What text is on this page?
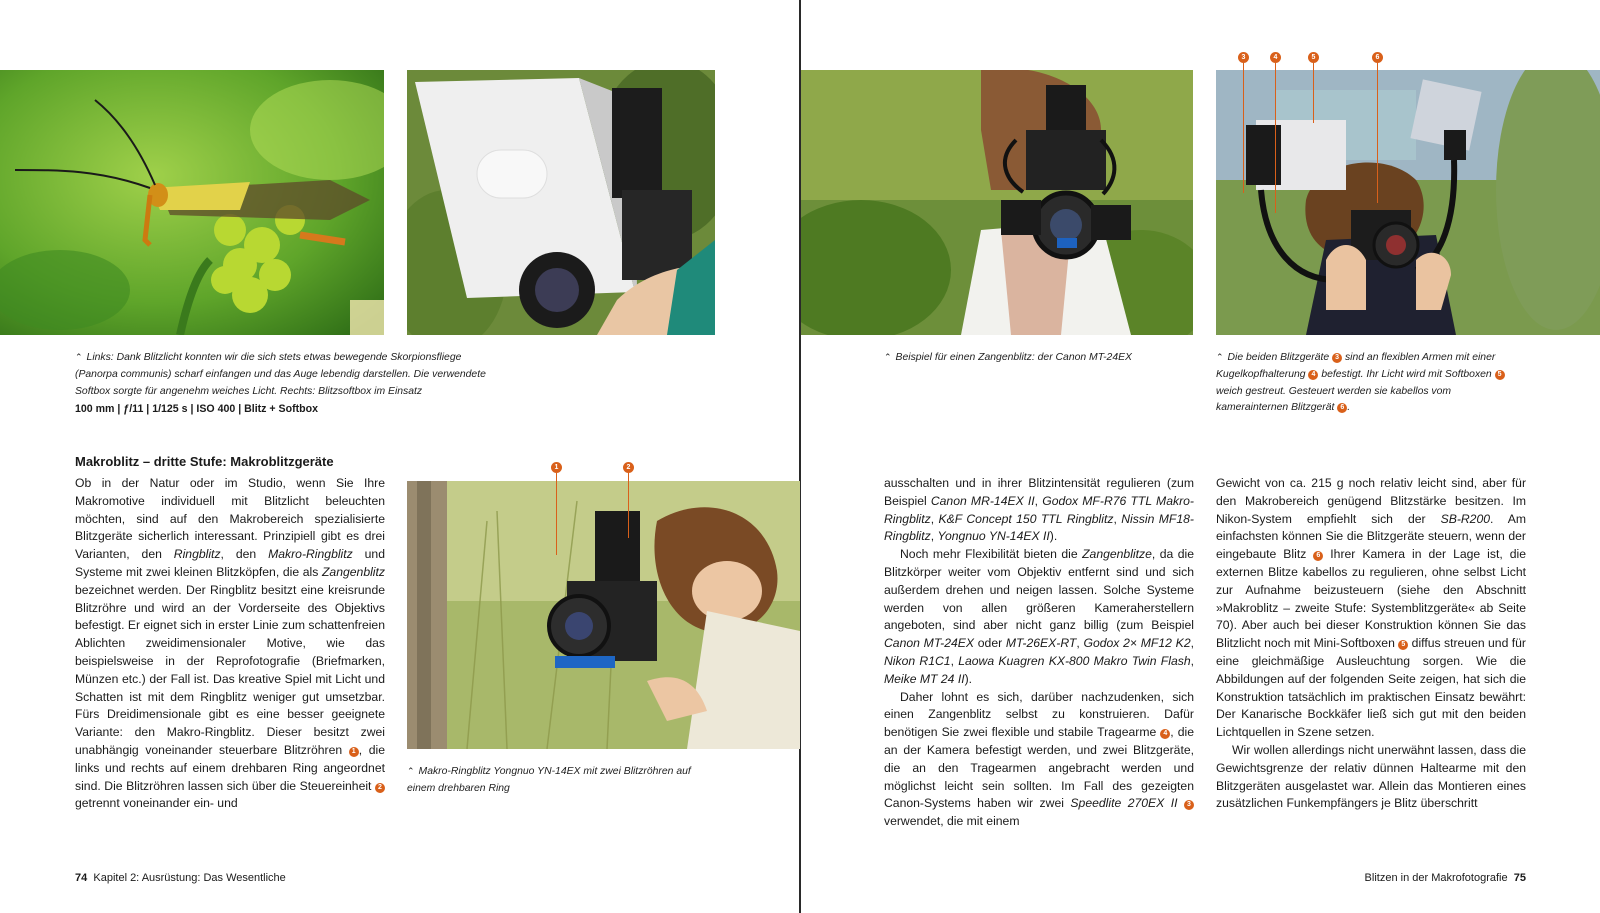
⌃ Links: Dank Blitzlicht konnten wir die sich stets etwas bewegende Skorpionsfliege (Panorpa communis) scharf einfangen und das Auge lebendig darstellen. Die verwendete Softbox sorgte für angenehm weiches Licht. Rechts: Blitzsoftbox im Einsatz
100 mm | ƒ/11 | 1/125 s | ISO 400 | Blitz + Softbox
Makroblitz – dritte Stufe: Makroblitzgeräte

Ob in der Natur oder im Studio, wenn Sie Ihre Makromotive individuell mit Blitzlicht beleuchten möchten, sind auf den Makrobereich spezialisierte Blitzgeräte sicherlich interessant. Prinzipiell gibt es drei Varianten, den Ringblitz, den Makro-Ringblitz und Systeme mit zwei kleinen Blitzköpfen, die als Zangenblitz bezeichnet werden. Der Ringblitz besitzt eine kreisrunde Blitzröhre und wird an der Vorderseite des Objektivs befestigt. Er eignet sich in erster Linie zum schattenfreien Ablichten zweidimensionaler Motive, wie das beispielsweise in der Reprofotografie (Briefmarken, Münzen etc.) der Fall ist. Das kreative Spiel mit Licht und Schatten ist mit dem Ringblitz weniger gut umsetzbar. Fürs Dreidimensionale gibt es eine besser geeignete Variante: den Makro-Ringblitz. Dieser besitzt zwei unabhängig voneinander steuerbare Blitzröhren 1 , die links und rechts auf einem drehbaren Ring angeordnet sind. Die Blitzröhren lassen sich über die Steuereinheit 2 getrennt voneinander ein- und

1	2
⌃ Makro-Ringblitz Yongnuo YN-14EX mit zwei Blitzröhren auf einem drehbaren Ring
74 Kapitel 2: Ausrüstung: Das Wesentliche
3	4	5	6
⌃ Beispiel für einen Zangenblitz: der Canon MT-24EX	⌃ Die beiden Blitzgeräte 3 sind an flexiblen Armen mit einer Kugelkopfhalterung 4 befestigt. Ihr Licht wird mit Softboxen 5 weich gestreut. Gesteuert werden sie kabellos vom kamerainternen Blitzgerät 6 .

ausschalten und in ihrer Blitzintensität regulieren (zum Beispiel Canon MR-14EX II, Godox MF-R76 TTL Makro-Ringblitz, K&F Concept 150 TTL Ringblitz, Nissin MF18-Ringblitz, Yongnuo YN-14EX II).

Noch mehr Flexibilität bieten die Zangenblitze, da die Blitzkörper weiter vom Objektiv entfernt sind und sich außerdem drehen und neigen lassen. Solche Systeme werden von allen größeren Kameraherstellern angeboten, sind aber nicht ganz billig (zum Beispiel Canon MT-24EX oder MT-26EX-RT, Godox 2× MF12 K2, Nikon R1C1, Laowa Kuagren KX-800 Makro Twin Flash, Meike MT 24 II).

Daher lohnt es sich, darüber nachzudenken, sich einen Zangenblitz selbst zu konstruieren. Dafür benötigen Sie zwei flexible und stabile Tragearme 4 , die an der Kamera befestigt werden, und zwei Blitzgeräte, die an den Tragearmen angebracht werden und möglichst leicht sein sollten. Im Fall des gezeigten Canon-Systems haben wir zwei Speedlite 270EX II 3 verwendet, die mit einem

Gewicht von ca. 215 g noch relativ leicht sind, aber für den Makrobereich genügend Blitzstärke besitzen. Im Nikon-System empfiehlt sich der SB-R200. Am einfachsten können Sie die Blitzgeräte steuern, wenn der eingebaute Blitz 6 Ihrer Kamera in der Lage ist, die externen Blitze kabellos zu regulieren, ohne selbst Licht zur Aufnahme beizusteuern (siehe den Abschnitt »Makroblitz – zweite Stufe: Systemblitzgeräte« ab Seite 70). Aber auch bei dieser Konstruktion können Sie das Blitzlicht noch mit Mini-Softboxen 5 diffus streuen und für eine gleichmäßige Ausleuchtung sorgen. Wie die Abbildungen auf der folgenden Seite zeigen, hat sich die Konstruktion tatsächlich im praktischen Einsatz bewährt: Der Kanarische Bockkäfer ließ sich gut mit den beiden Lichtquellen in Szene setzen.

Wir wollen allerdings nicht unerwähnt lassen, dass die Gewichtsgrenze der relativ dünnen Haltearme mit den Blitzgeräten ausgelastet war. Allein das Montieren eines zusätzlichen Funkempfängers je Blitz überschritt

Blitzen in der Makrofotografie 75
